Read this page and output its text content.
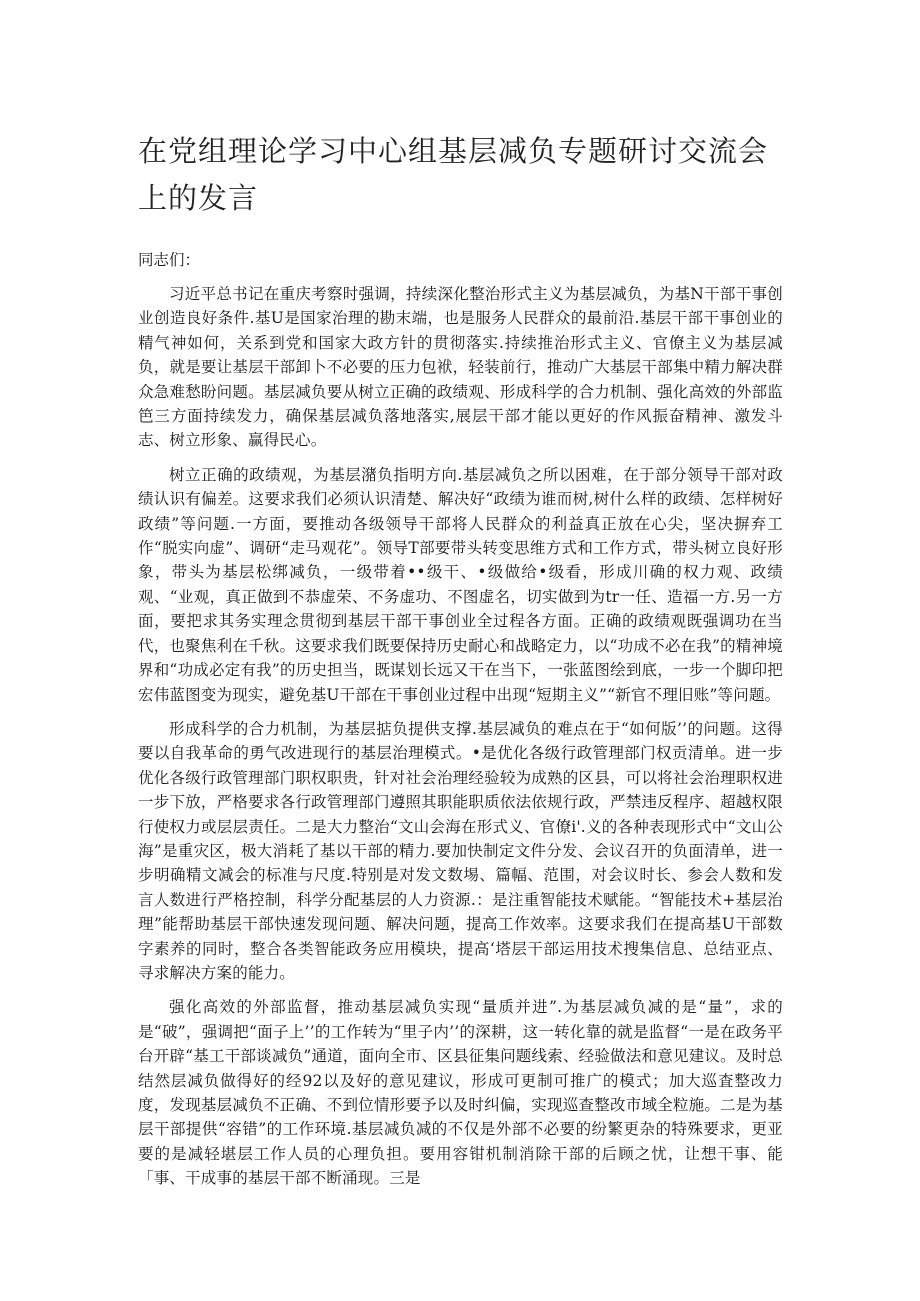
在党组理论学习中心组基层减负专题研讨交流会上的发言

同志们：

习近平总书记在重庆考察时强调，持续深化整治形式主义为基层减负，为基N干部干事创业创造良好条件.基U是国家治理的勘末端，也是服务人民群众的最前沿.基层干部干事创业的精气神如何，关系到党和国家大政方针的贯彻落实.持续推治形式主义、官僚主义为基层减负，就是要让基层干部卸卜不必要的压力包袱，轻装前行，推动广大基层干部集中精力解决群众急难愁盼问题。基层减负要从树立正确的政绩观、形成科学的合力机制、强化高效的外部监笆三方面持续发力，确保基层减负落地落实,展层干部才能以更好的作风振奋精神、激发斗志、树立形象、赢得民心。

树立正确的政绩观，为基层潴负指明方向.基层减负之所以困难，在于部分领导干部对政绩认识有偏差。这要求我们必须认识清楚、解决好“政绩为谁而树,树什么样的政绩、怎样树好政绩”等问题.一方面，要推动各级领导干部将人民群众的利益真正放在心尖，坚决摒弃工作“脱实向虚”、调研“走马观花”。领导T部要带头转变思维方式和工作方式，带头树立良好形象，带头为基层松绑减负，一级带着••级干、•级做给•级看，形成川确的权力观、政绩观、“业观，真正做到不恭虚荣、不务虚功、不图虚名，切实做到为tr一任、造福一方.另一方面，要把求其务实理念贯彻到基层干部干事创业全过程各方面。正确的政绩观既强调功在当代，也聚焦利在千秋。这要求我们既要保持历史耐心和战略定力，以“功成不必在我”的精神境界和“功成必定有我”的历史担当，既谋划长远又干在当下，一张蓝图绘到底，一步一个脚印把宏伟蓝图变为现实，避免基U干部在干事创业过程中出现“短期主义”“新官不理旧账”等问题。

形成科学的合力机制，为基层掂负提供支撑.基层减负的难点在于“如何版’’的问题。这得要以自我革命的勇气改进现行的基层治理模式。•是优化各级行政管理部门权贡清单。进一步优化各级行政管理部门职权职贵，针对社会治理经验较为成熟的区县，可以将社会治理职权进一步下放，严格要求各行政管理部门遵照其职能职质依法依规行政，严禁违反程序、超越权限行使权力或层层责任。二是大力整治“文山会海在形式义、官僚i'.义的各种表现形式中“文山公海”是重灾区，极大消耗了基以干部的精力.要加快制定文件分发、会议召开的负面清单，进一步明确精文减会的标准与尺度.特别是对发文数埸、篇幅、范围，对会议时长、参会人数和发言人数进行严格控制，科学分配基层的人力资源.：是注重智能技术赋能。“智能技术+基层治理”能帮助基层干部快速发现问题、解决问题，提高工作效率。这要求我们在提高基U干部数字素养的同时，整合各类智能政务应用模块，提高‘塔层干部运用技术搜集信息、总结亚点、寻求解决方案的能力。

强化高效的外部监督，推动基层减负实现“量质并进”.为基层减负减的是“量”，求的是“破”，强调把“面子上’’的工作转为“里子内’’的深耕，这一转化靠的就是监督“一是在政务平台开辟“基工干部谈减负”通道，面向全市、区县征集问题线索、经验做法和意见建议。及时总结然层减负做得好的经92以及好的意见建议，形成可更制可推广的模式；加大巡査整改力度，发现基层减负不正确、不到位情形要予以及时纠偏，实现巡查整改市域全粒施。二是为基层干部提供“容错”的工作环境.基层减负减的不仅是外部不必要的纷繁更杂的特殊要求，更亚要的是减轻堪层工作人员的心理负担。要用容钳机制消除干部的后顾之忧，让想干事、能「事、干成事的基层干部不断涌现。三是
